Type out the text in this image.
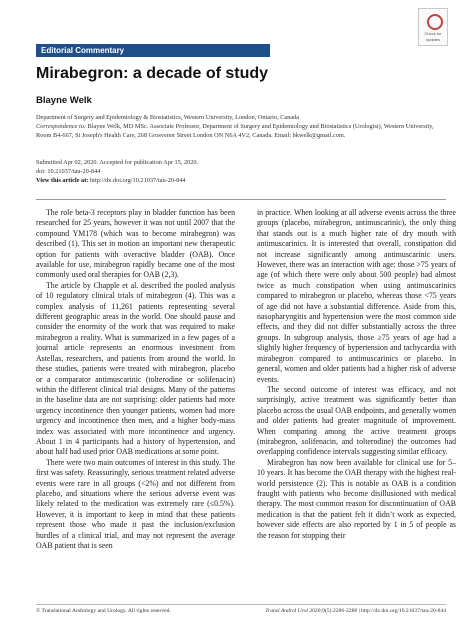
Editorial Commentary
Check for
updates
Mirabegron: a decade of study
Blayne Welk

Department of Surgery and Epidemiology & Biostatistics, Western University, London, Ontario, Canada

Correspondence to: Blayne Welk, MD MSc. Associate Professor, Department of Surgery and Epidemiology and Biostatistics (Urologist), Western University, Room B4-667, St Joseph's Health Care, 268 Grosvenor Street London ON N6A 4V2, Canada. Email: bkwelk@gmail.com.

Submitted Apr 02, 2020. Accepted for publication Apr 15, 2020.

doi: 10.21037/tau-20-844

View this article at: http://dx.doi.org/10.21037/tau-20-844

The role beta-3 receptors play in bladder function has been researched for 25 years, however it was not until 2007 that the compound YM178 (which was to become mirabegron) was described (1). This set in motion an important new therapeutic option for patients with overactive bladder (OAB). Once available for use, mirabegron rapidly became one of the most commonly used oral therapies for OAB (2,3).

The article by Chapple et al. described the pooled analysis of 10 regulatory clinical trials of mirabegron (4). This was a complex analysis of 11,261 patients representing several different geographic areas in the world. One should pause and consider the enormity of the work that was required to make mirabegron a reality. What is summarized in a few pages of a journal article represents an enormous investment from Astellas, researchers, and patients from around the world. In these studies, patients were treated with mirabegron, placebo or a comparator antimuscarinic (tolterodine or solifenacin) within the different clinical trial designs. Many of the patterns in the baseline data are not surprising: older patients had more urgency incontinence then younger patients, women had more urgency and incontinence then men, and a higher body-mass index was associated with more incontinence and urgency. About 1 in 4 participants had a history of hypertension, and about half had used prior OAB medications at some point.

There were two main outcomes of interest in this study. The first was safety. Reassuringly, serious treatment related adverse events were rare in all groups (<2%) and not different from placebo, and situations where the serious adverse event was likely related to the medication was extremely rare (≤0.5%). However, it is important to keep in mind that these patients represent those who made it past the inclusion/exclusion hurdles of a clinical trial, and may not represent the average OAB patient that is seen

in practice. When looking at all adverse events across the three groups (placebo, mirabegron, antimuscarinic), the only thing that stands out is a much higher rate of dry mouth with antimuscarinics. It is interested that overall, constipation did not increase significantly among antimuscarinic users. However, there was an interaction with age: those >75 years of age (of which there were only about 500 people) had almost twice as much constipation when using antimuscarinics compared to mirabegron or placebo, whereas those <75 years of age did not have a substantial difference. Aside from this, nasopharyngitis and hypertension were the most common side effects, and they did not differ substantially across the three groups. In subgroup analysis, those ≥75 years of age had a slightly higher frequency of hypertension and tachycardia with mirabegron compared to antimuscarinics or placebo. In general, women and older patients had a higher risk of adverse events.

The second outcome of interest was efficacy, and not surprisingly, active treatment was significantly better than placebo across the usual OAB endpoints, and generally women and older patients had greater magnitude of improvement. When comparing among the active treatment groups (mirabegron, solifenacin, and tolterodine) the outcomes had overlapping confidence intervals suggesting similar efficacy.

Mirabegron has now been available for clinical use for 5–10 years. It has become the OAB therapy with the highest real-world persistence (2). This is notable as OAB is a condition fraught with patients who become disillusioned with medical therapy. The most common reason for discontinuation of OAB medication is that the patient felt it didn’t work as expected, however side effects are also reported by 1 in 5 of people as the reason for stopping their

© Translational Andrology and Urology. All rights reserved.	Transl Androl Urol 2020;9(5):2286-2288 | http://dx.doi.org/10.21037/tau-20-844
